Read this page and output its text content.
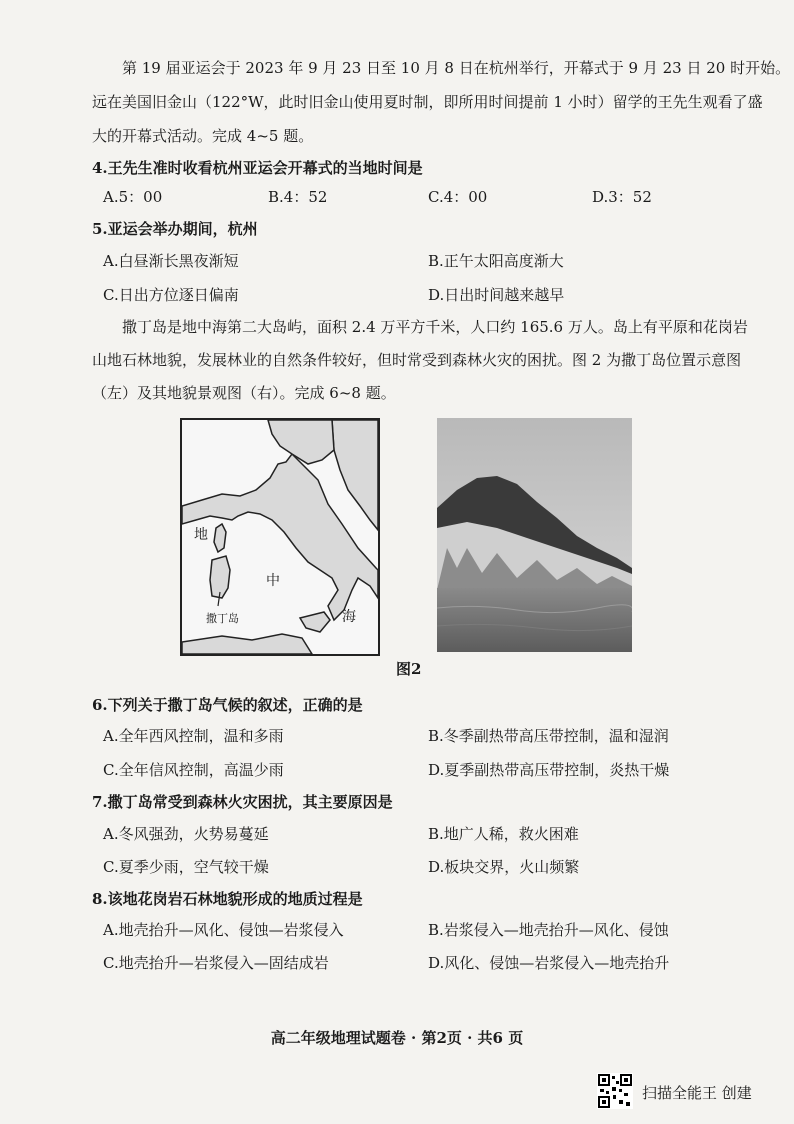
第 19 届亚运会于 2023 年 9 月 23 日至 10 月 8 日在杭州举行，开幕式于 9 月 23 日 20 时开始。
远在美国旧金山（122°W，此时旧金山使用夏时制，即所用时间提前 1 小时）留学的王先生观看了盛
大的开幕式活动。完成 4~5 题。
4.王先生准时收看杭州亚运会开幕式的当地时间是
A.5：00	B.4：52	C.4：00	D.3：52
5.亚运会举办期间，杭州
A.白昼渐长黑夜渐短	B.正午太阳高度渐大
C.日出方位逐日偏南	D.日出时间越来越早
撒丁岛是地中海第二大岛屿，面积 2.4 万平方千米，人口约 165.6 万人。岛上有平原和花岗岩
山地石林地貌，发展林业的自然条件较好，但时常受到森林火灾的困扰。图 2 为撒丁岛位置示意图
（左）及其地貌景观图（右）。完成 6~8 题。
地
中
海
撒丁岛
图2
6.下列关于撒丁岛气候的叙述，正确的是
A.全年西风控制，温和多雨	B.冬季副热带高压带控制，温和湿润
C.全年信风控制，高温少雨	D.夏季副热带高压带控制，炎热干燥
7.撒丁岛常受到森林火灾困扰，其主要原因是
A.冬风强劲，火势易蔓延	B.地广人稀，救火困难
C.夏季少雨，空气较干燥	D.板块交界，火山频繁
8.该地花岗岩石林地貌形成的地质过程是
A.地壳抬升—风化、侵蚀—岩浆侵入	B.岩浆侵入—地壳抬升—风化、侵蚀
C.地壳抬升—岩浆侵入—固结成岩	D.风化、侵蚀—岩浆侵入—地壳抬升
高二年级地理试题卷 · 第2页 · 共6 页
扫描全能王 创建
